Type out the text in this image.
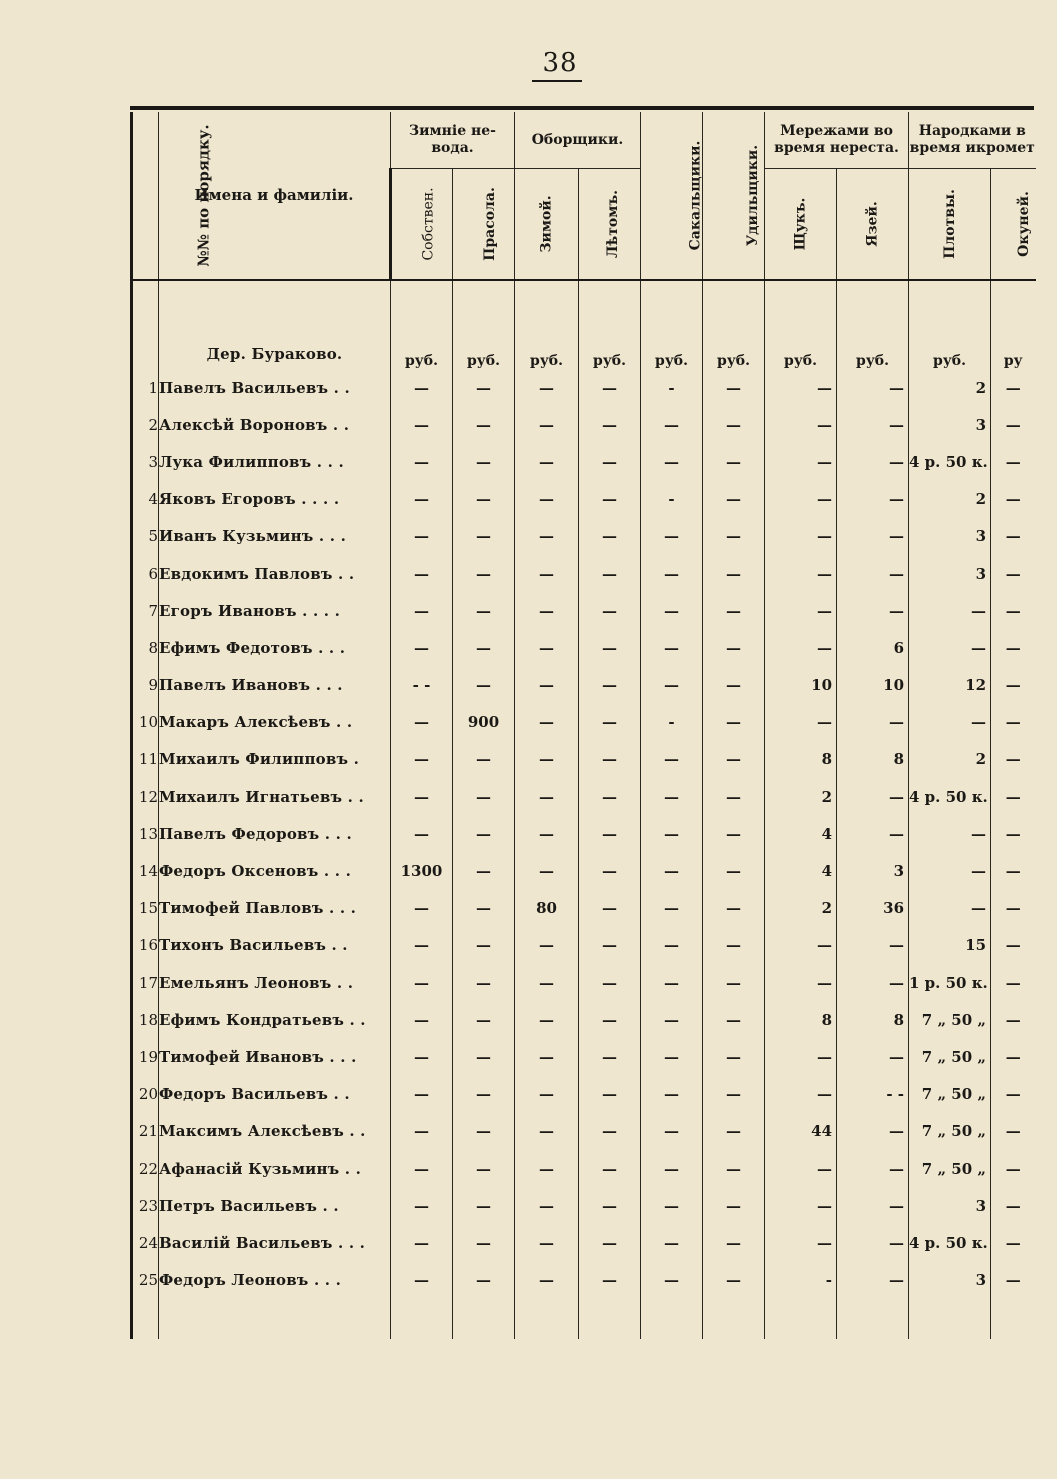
38
№№ по порядку.	Имена и фамиліи.	Зимніе не-вода.		Оборщики.		Сакальщики.	Удильщики.	Мережами во время нереста.		Народками в время икромет	
		Собствен.	Прасола.	Зимой.	Лѣтомъ.			Щукъ.	Язей.	Плотвы.	Окуней.

	Дер. Бураково.	руб.	руб.	руб.	руб.	руб.	руб.	руб.	руб.	руб.	ру
1	Павелъ Васильевъ . .	—	—	—	—	-	—	—	—	2	—
2	Алексѣй Вороновъ . .	—	—	—	—	—	—	—	—	3	—
3	Лука Филипповъ . . .	—	—	—	—	—	—	—	—	4 р. 50 к.	—
4	Яковъ Егоровъ . . . .	—	—	—	—	-	—	—	—	2	—
5	Иванъ Кузьминъ . . .	—	—	—	—	—	—	—	—	3	—
6	Евдокимъ Павловъ . .	—	—	—	—	—	—	—	—	3	—
7	Егоръ Ивановъ . . . .	—	—	—	—	—	—	—	—	—	—
8	Ефимъ Федотовъ . . .	—	—	—	—	—	—	—	6	—	—
9	Павелъ Ивановъ . . .	- -	—	—	—	—	—	10	10	12	—
10	Макаръ Алексѣевъ . .	—	900	—	—	-	—	—	—	—	—
11	Михаилъ Филипповъ .	—	—	—	—	—	—	8	8	2	—
12	Михаилъ Игнатьевъ . .	—	—	—	—	—	—	2	—	4 р. 50 к.	—
13	Павелъ Федоровъ . . .	—	—	—	—	—	—	4	—	—	—
14	Федоръ Оксеновъ . . .	1300	—	—	—	—	—	4	3	—	—
15	Тимофей Павловъ . . .	—	—	80	—	—	—	2	36	—	—
16	Тихонъ Васильевъ . .	—	—	—	—	—	—	—	—	15	—
17	Емельянъ Леоновъ . .	—	—	—	—	—	—	—	—	1 р. 50 к.	—
18	Ефимъ Кондратьевъ . .	—	—	—	—	—	—	8	8	7 „ 50 „	—
19	Тимофей Ивановъ . . .	—	—	—	—	—	—	—	—	7 „ 50 „	—
20	Федоръ Васильевъ . .	—	—	—	—	—	—	—	- -	7 „ 50 „	—
21	Максимъ Алексѣевъ . .	—	—	—	—	—	—	44	—	7 „ 50 „	—
22	Афанасій Кузьминъ . .	—	—	—	—	—	—	—	—	7 „ 50 „	—
23	Петръ Васильевъ . .	—	—	—	—	—	—	—	—	3	—
24	Василій Васильевъ . . .	—	—	—	—	—	—	—	—	4 р. 50 к.	—
25	Федоръ Леоновъ . . .	—	—	—	—	—	—	-	—	3	—
